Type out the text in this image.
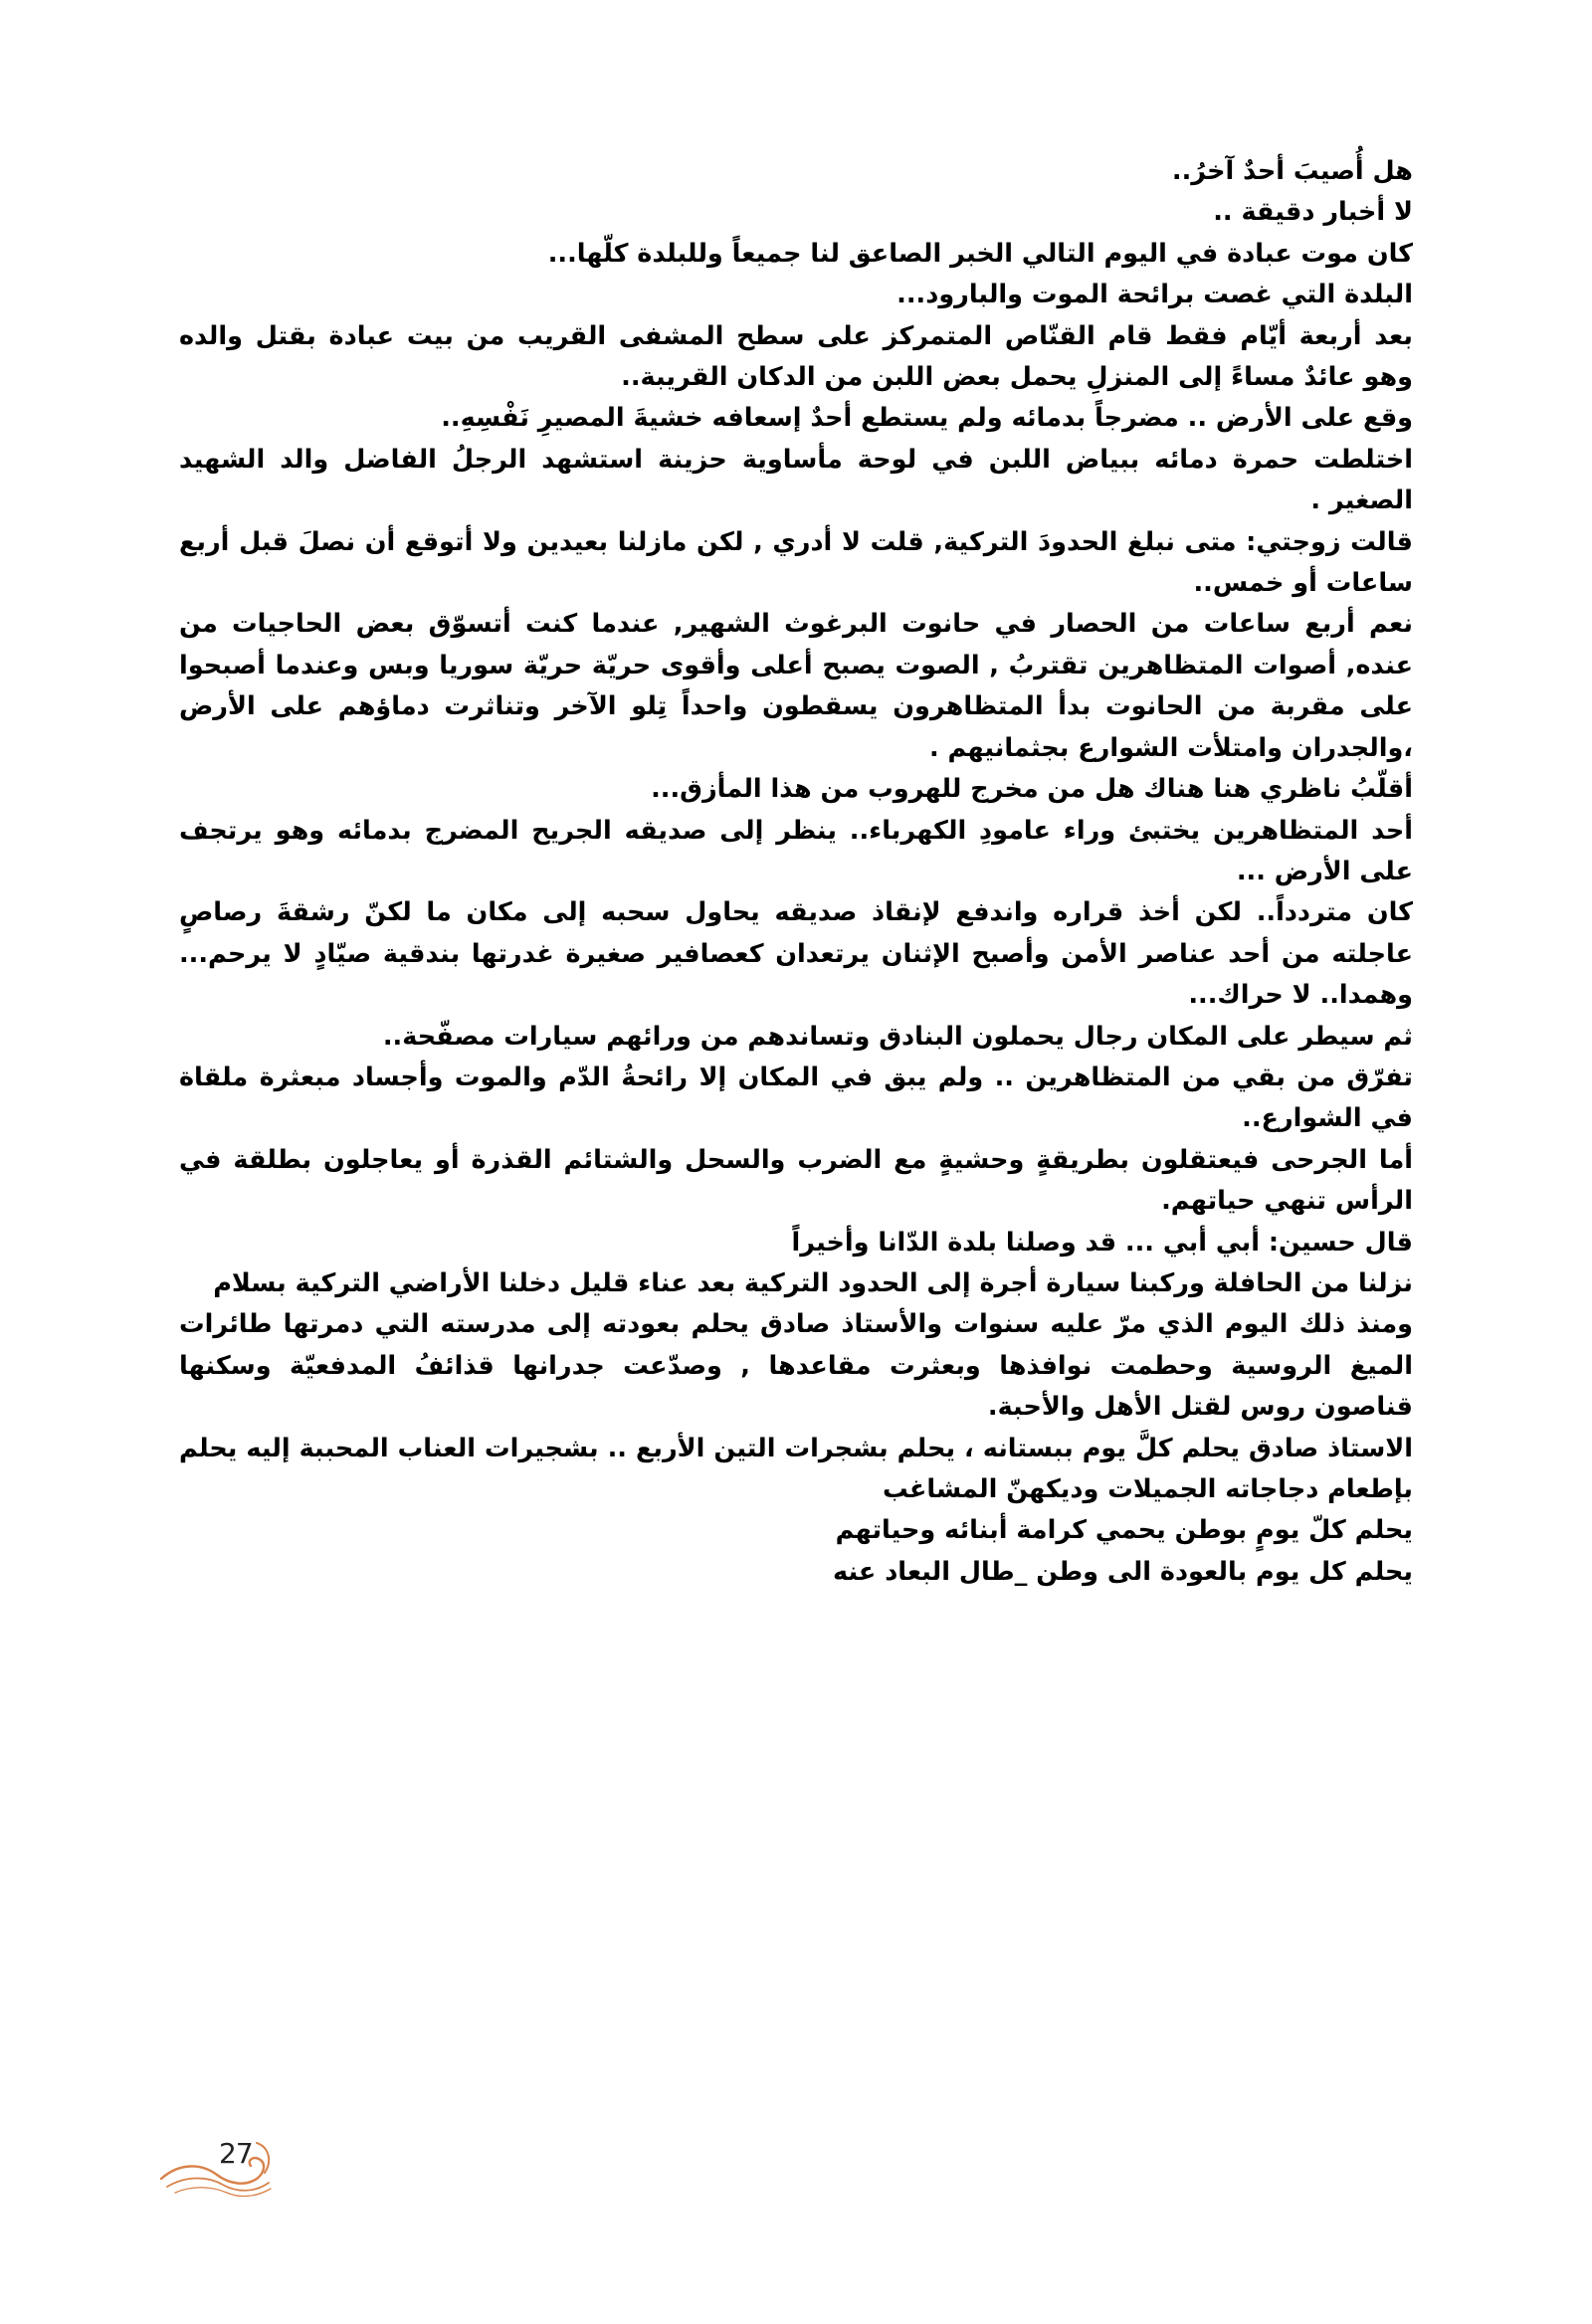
هل أُصيبَ أحدٌ آخرُ..

لا أخبار دقيقة ..

كان موت عبادة في اليوم التالي الخبر الصاعق لنا جميعاً وللبلدة كلّها...

البلدة التي غصت برائحة الموت والبارود...

بعد أربعة أيّام فقط قام القنّاص المتمركز على سطح المشفى القريب من بيت عبادة بقتل والده وهو عائدٌ مساءً إلى المنزلِ يحمل بعض اللبن من الدكان القريبة..

وقع على الأرض .. مضرجاً بدمائه ولم يستطع أحدٌ إسعافه خشيةَ المصيرِ نَفْسِهِ..

اختلطت حمرة دمائه ببياض اللبن في لوحة مأساوية حزينة استشهد الرجلُ الفاضل والد الشهيد الصغير .

قالت زوجتي: متى نبلغ الحدودَ التركية, قلت لا أدري , لكن مازلنا بعيدين ولا أتوقع أن نصلَ قبل أربع ساعات أو خمس..

نعم أربع ساعات من الحصار في حانوت البرغوث الشهير, عندما كنت أتسوّق بعض الحاجيات من عنده, أصوات المتظاهرين تقتربُ , الصوت يصبح أعلى وأقوى حريّة حريّة سوريا وبس وعندما أصبحوا على مقربة من الحانوت بدأ المتظاهرون يسقطون واحداً تِلو الآخر وتناثرت دماؤهم على الأرض ،والجدران وامتلأت الشوارع بجثمانيهم .

أقلّبُ ناظري هنا هناك هل من مخرج للهروب من هذا المأزق...

أحد المتظاهرين يختبئ وراء عامودِ الكهرباء.. ينظر إلى صديقه الجريح المضرج بدمائه وهو يرتجف على الأرض ...

كان متردداً.. لكن أخذ قراره واندفع لإنقاذ صديقه يحاول سحبه إلى مكان ما لكنّ رشقةَ رصاصٍ عاجلته من أحد عناصر الأمن وأصبح الإثنان يرتعدان كعصافير صغيرة غدرتها بندقية صيّادٍ لا يرحم... وهمدا.. لا حراك...

ثم سيطر على المكان رجال يحملون البنادق وتساندهم من ورائهم سيارات مصفّحة..

تفرّق من بقي من المتظاهرين .. ولم يبق في المكان إلا رائحةُ الدّم والموت وأجساد مبعثرة ملقاة في الشوارع..

أما الجرحى فيعتقلون بطريقةٍ وحشيةٍ مع الضرب والسحل والشتائم القذرة أو يعاجلون بطلقة في الرأس تنهي حياتهم.

قال حسين: أبي أبي ... قد وصلنا بلدة الدّانا وأخيراً

نزلنا من الحافلة وركبنا سيارة أجرة إلى الحدود التركية بعد عناء قليل دخلنا الأراضي التركية بسلام

ومنذ ذلك اليوم الذي مرّ عليه سنوات والأستاذ صادق يحلم بعودته إلى مدرسته التي دمرتها طائرات الميغ الروسية وحطمت نوافذها وبعثرت مقاعدها , وصدّعت جدرانها قذائفُ المدفعيّة وسكنها قناصون روس لقتل الأهل والأحبة.

الاستاذ صادق يحلم كلَّ يوم ببستانه ، يحلم بشجرات التين الأربع .. بشجيرات العناب المحببة إليه يحلم بإطعام دجاجاته الجميلات وديكهنّ المشاغب

يحلم كلّ يومٍ بوطن يحمي كرامة أبنائه وحياتهم

يحلم كل يوم بالعودة الى وطن _طال البعاد عنه

27
